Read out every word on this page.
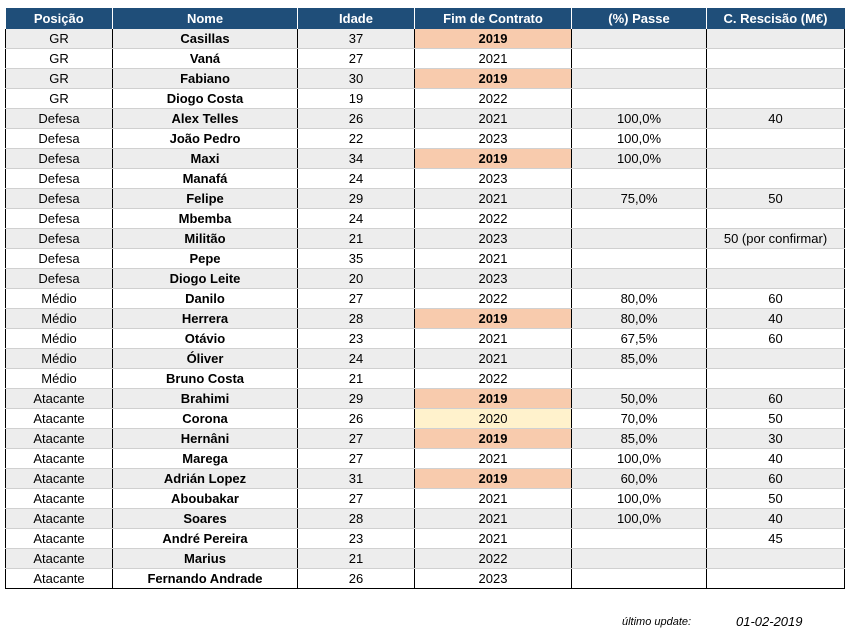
Posição	Nome	Idade	Fim de Contrato	(%) Passe	C. Rescisão (M€)
GR	Casillas	37	2019		
GR	Vaná	27	2021		
GR	Fabiano	30	2019		
GR	Diogo Costa	19	2022		
Defesa	Alex Telles	26	2021	100,0%	40
Defesa	João Pedro	22	2023	100,0%	
Defesa	Maxi	34	2019	100,0%	
Defesa	Manafá	24	2023		
Defesa	Felipe	29	2021	75,0%	50
Defesa	Mbemba	24	2022		
Defesa	Militão	21	2023		50 (por confirmar)
Defesa	Pepe	35	2021		
Defesa	Diogo Leite	20	2023		
Médio	Danilo	27	2022	80,0%	60
Médio	Herrera	28	2019	80,0%	40
Médio	Otávio	23	2021	67,5%	60
Médio	Óliver	24	2021	85,0%	
Médio	Bruno Costa	21	2022		
Atacante	Brahimi	29	2019	50,0%	60
Atacante	Corona	26	2020	70,0%	50
Atacante	Hernâni	27	2019	85,0%	30
Atacante	Marega	27	2021	100,0%	40
Atacante	Adrián Lopez	31	2019	60,0%	60
Atacante	Aboubakar	27	2021	100,0%	50
Atacante	Soares	28	2021	100,0%	40
Atacante	André Pereira	23	2021		45
Atacante	Marius	21	2022		
Atacante	Fernando Andrade	26	2023		
último update:	01-02-2019
